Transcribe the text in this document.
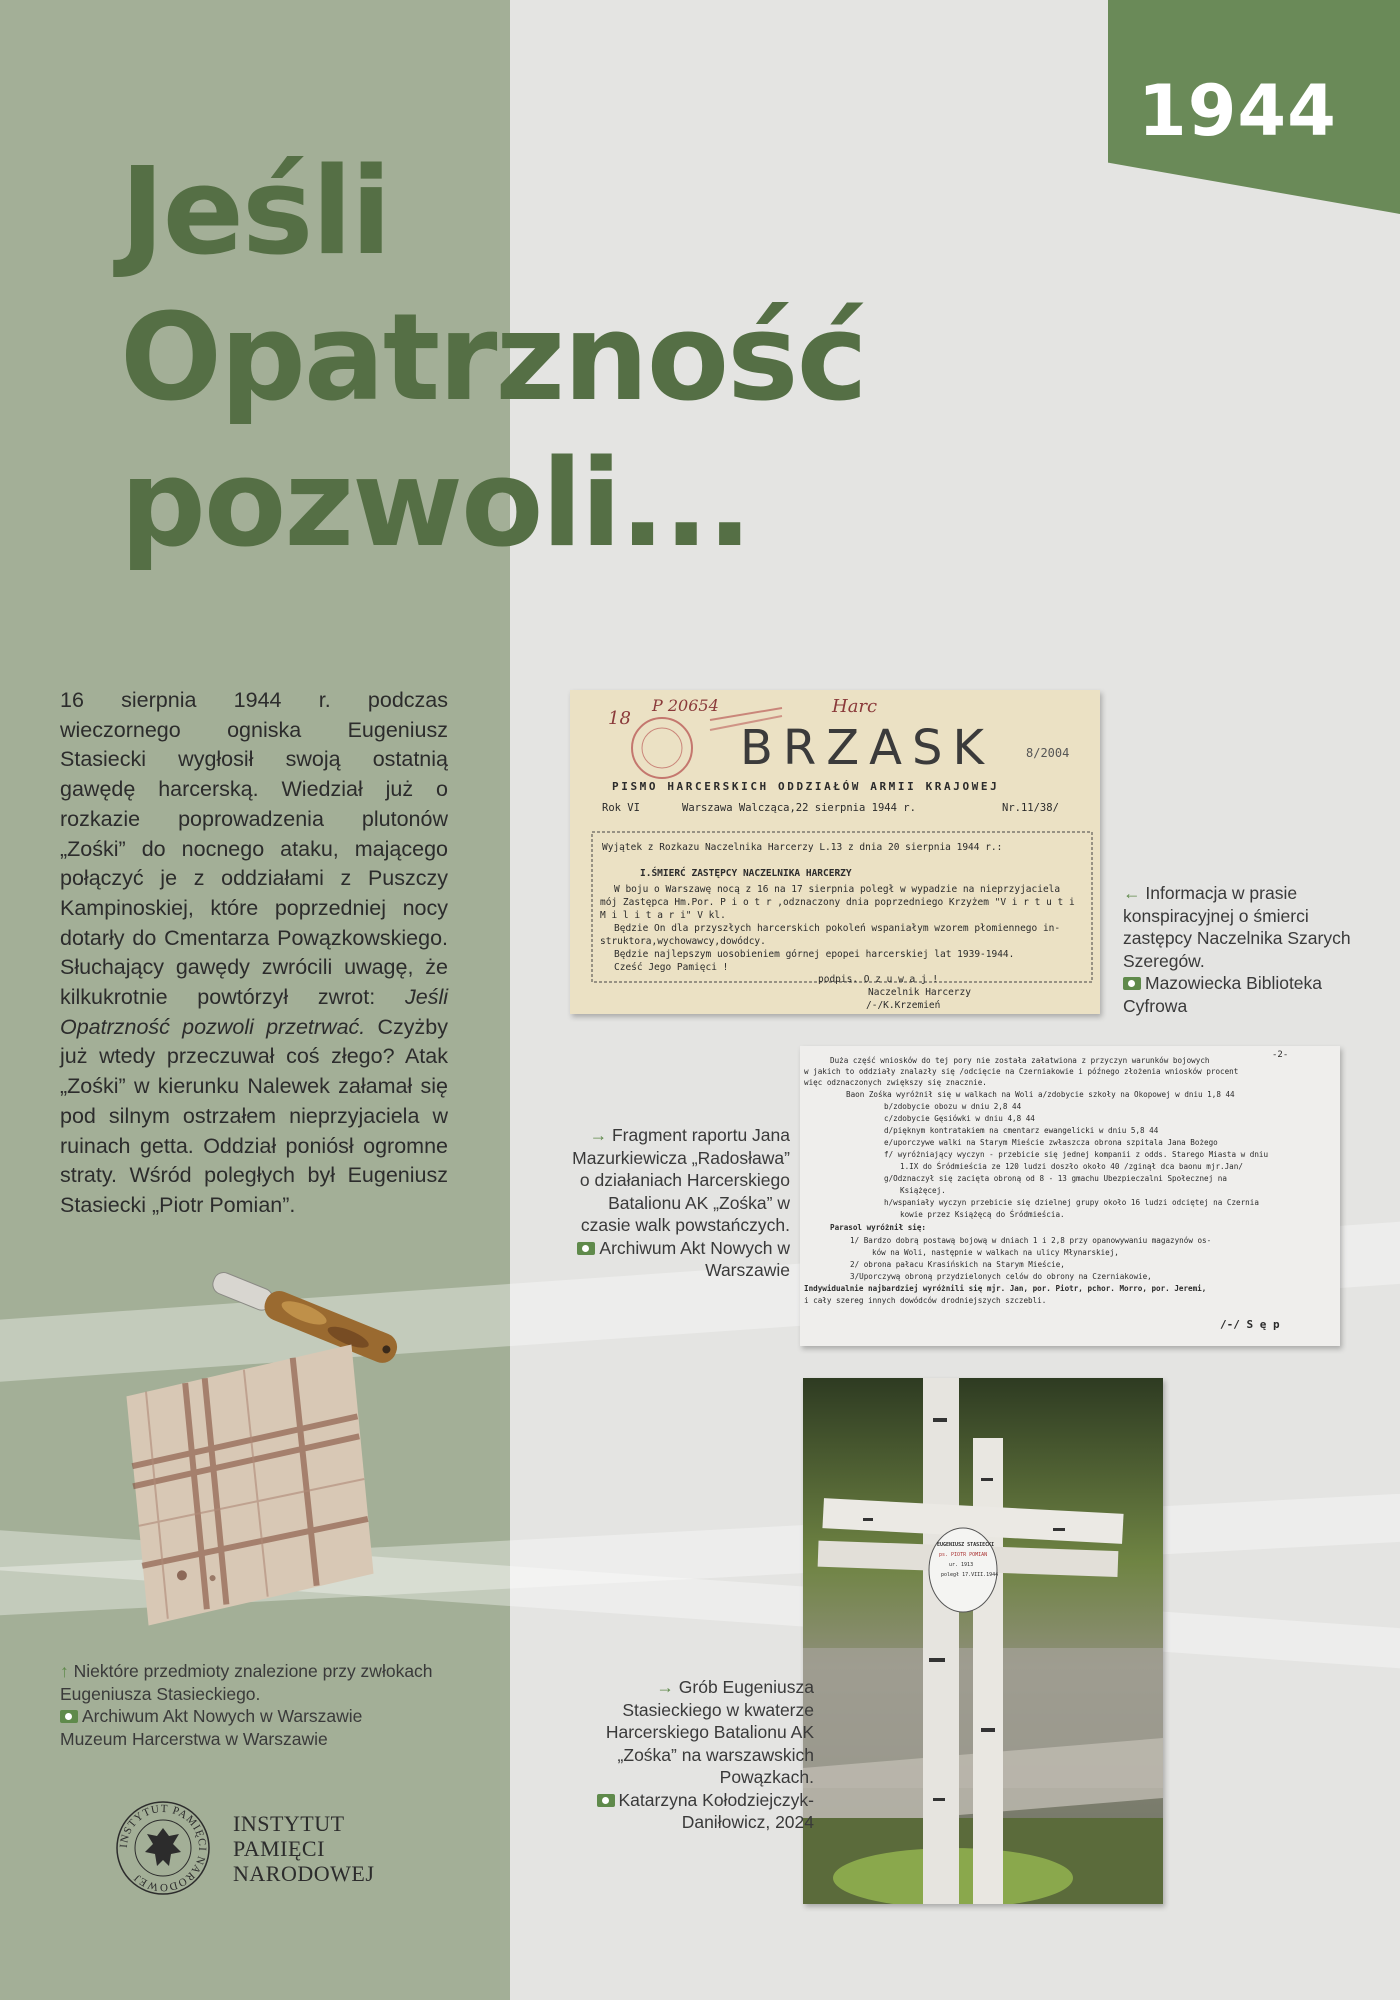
1944
Jeśli
Opatrzność
pozwoli...
16 sierpnia 1944 r. podczas wieczornego ogniska Eugeniusz Stasiecki wygłosił swoją ostatnią gawędę harcerską. Wiedział już o rozkazie poprowadzenia plutonów „Zośki” do nocnego ataku, mającego połączyć je z oddziałami z Puszczy Kampinoskiej, które poprzedniej nocy dotarły do Cmentarza Powązkowskiego. Słuchający gawędy zwrócili uwagę, że kilkukrotnie powtórzył zwrot: Jeśli Opatrzność pozwoli przetrwać. Czyżby już wtedy przeczuwał coś złego? Atak „Zośki” w kierunku Nalewek załamał się pod silnym ostrzałem nieprzyjaciela w ruinach getta. Oddział poniósł ogromne straty. Wśród poległych był Eugeniusz Stasiecki „Piotr Pomian”.
18
P 20654	Harc
8/2004
BRZASK
PISMO HARCERSKICH ODDZIAŁÓW ARMII KRAJOWEJ
Rok VI	Warszawa Walcząca,22 sierpnia 1944 r.	Nr.11/38/
Wyjątek z Rozkazu Naczelnika Harcerzy L.13 z dnia 20 sierpnia 1944 r.:
I.ŚMIERĆ ZASTĘPCY NACZELNIKA HARCERZY
W boju o Warszawę nocą z 16 na 17 sierpnia poległ w wypadzie na nieprzyjaciela
mój Zastępca Hm.Por. P i o t r ,odznaczony dnia poprzedniego Krzyżem "V i r t u t i
M i l i t a r i" V kl.
Będzie On dla przyszłych harcerskich pokoleń wspaniałym wzorem płomiennego in-
struktora,wychowawcy,dowódcy.
Będzie najlepszym uosobieniem górnej epopei harcerskiej lat 1939-1944.
Cześć Jego Pamięci !
podpis. O z u w a j !
Naczelnik Harcerzy
/-/K.Krzemień
← Informacja w prasie konspiracyjnej o śmierci zastępcy Naczelnika Szarych Szeregów.
Mazowiecka Biblioteka Cyfrowa
-2-
Duża część wniosków do tej pory nie została załatwiona z przyczyn warunków bojowych
w jakich to oddziały znalazły się /odcięcie na Czerniakowie i późnego złożenia wniosków procent
więc odznaczonych zwiększy się znacznie.
Baon Zośka wyróżnił się w walkach na Woli a/zdobycie szkoły na Okopowej w dniu 1,8 44
b/zdobycie obozu w dniu 2,8 44
c/zdobycie Gęsiówki w dniu 4,8 44
d/pięknym kontratakiem na cmentarz ewangelicki w dniu 5,8 44
e/uporczywe walki na Starym Mieście zwłaszcza obrona szpitala Jana Bożego
f/ wyróżniający wyczyn - przebicie się jednej kompanii z odds. Starego Miasta w dniu
1.IX do Śródmieścia ze 120 ludzi doszło około 40 /zginął dca baonu mjr.Jan/
g/Odznaczył się zacięta obroną od 8 - 13 gmachu Ubezpieczalni Społecznej na
Książęcej.
h/wspaniały wyczyn przebicie się dzielnej grupy około 16 ludzi odciętej na Czernia
kowie przez Książęcą do Śródmieścia.
Parasol wyróżnił się:
1/ Bardzo dobrą postawą bojową w dniach 1 i 2,8 przy opanowywaniu magazynów os-
ków na Woli, następnie w walkach na ulicy Młynarskiej,
2/ obrona pałacu Krasińskich na Starym Mieście,
3/Uporczywą obroną przydzielonych celów do obrony na Czerniakowie,
Indywidualnie najbardziej wyróżnili się mjr. Jan, por. Piotr, pchor. Morro, por. Jeremi,
i cały szereg innych dowódców drodniejszych szczebli.
/-/ S ę p
→ Fragment raportu Jana Mazurkiewicza „Radosława” o działaniach Harcerskiego Batalionu AK „Zośka” w czasie walk powstańczych.
Archiwum Akt Nowych w Warszawie
EUGENIUSZ STASIECKI
ps. PIOTR POMIAN
ur. 1913
poległ 17.VIII.1944
→ Grób Eugeniusza Stasieckiego w kwaterze Harcerskiego Batalionu AK „Zośka” na warszawskich Powązkach.
Katarzyna Kołodziejczyk-Daniłowicz, 2024
↑ Niektóre przedmioty znalezione przy zwłokach Eugeniusza Stasieckiego.
Archiwum Akt Nowych w Warszawie
Muzeum Harcerstwa w Warszawie
INSTYTUT PAMIĘCI NARODOWEJ
INSTYTUT
PAMIĘCI
NARODOWEJ
